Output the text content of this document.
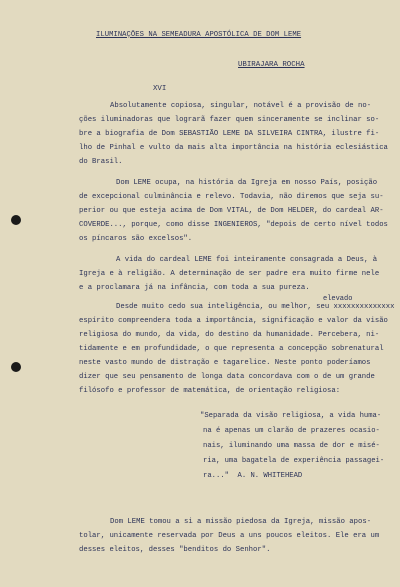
ILUMINAÇÕES NA SEMEADURA APOSTÓLICA DE DOM LEME
UBIRAJARA ROCHA
XVI
Absolutamente copiosa, singular, notável é a provisão de no-
ções iluminadoras que lograrã fazer quem sinceramente se inclinar so-
bre a biografia de Dom SEBASTIÃO LEME DA SILVEIRA CINTRA, ilustre fi-
lho de Pinhal e vulto da mais alta importância na história eclesiástica
do Brasil.
Dom LEME ocupa, na história da Igreja em nosso País, posição
de excepcional culminância e relevo. Todavia, não diremos que seja su-
perior ou que esteja acima de Dom VITAL, de Dom HELDER, do cardeal AR-
COVERDE..., porque, como disse INGENIEROS, "depois de certo nível todos
os píncaros são excelsos".
A vida do cardeal LEME foi inteiramente consagrada a Deus, à
Igreja e à religião. A determinação de ser padre era muito firme nele
e a proclamara já na infância, com toda a sua pureza.
elevado
Desde muito cedo sua inteligência, ou melhor, seu xxxxxxxxxxxxxx
espírito compreendera toda a importância, significação e valor da visão
religiosa do mundo, da vida, do destino da humanidade. Percebera, ni-
tidamente e em profundidade, o que representa a concepção sobrenatural
neste vasto mundo de distração e tagarelice. Neste ponto poderíamos
dizer que seu pensamento de longa data concordava com o de um grande
filósofo e professor de matemática, de orientação religiosa:
"Separada da visão religiosa, a vida huma-
na é apenas um clarão de prazeres ocasio-
nais, iluminando uma massa de dor e misé-
ria, uma bagatela de experiência passagei-
ra..."  A. N. WHITEHEAD
Dom LEME tomou a si a missão piedosa da Igreja, missão apos-
tolar, unicamente reservada por Deus a uns poucos eleitos. Ele era um
desses eleitos, desses "benditos do Senhor".
